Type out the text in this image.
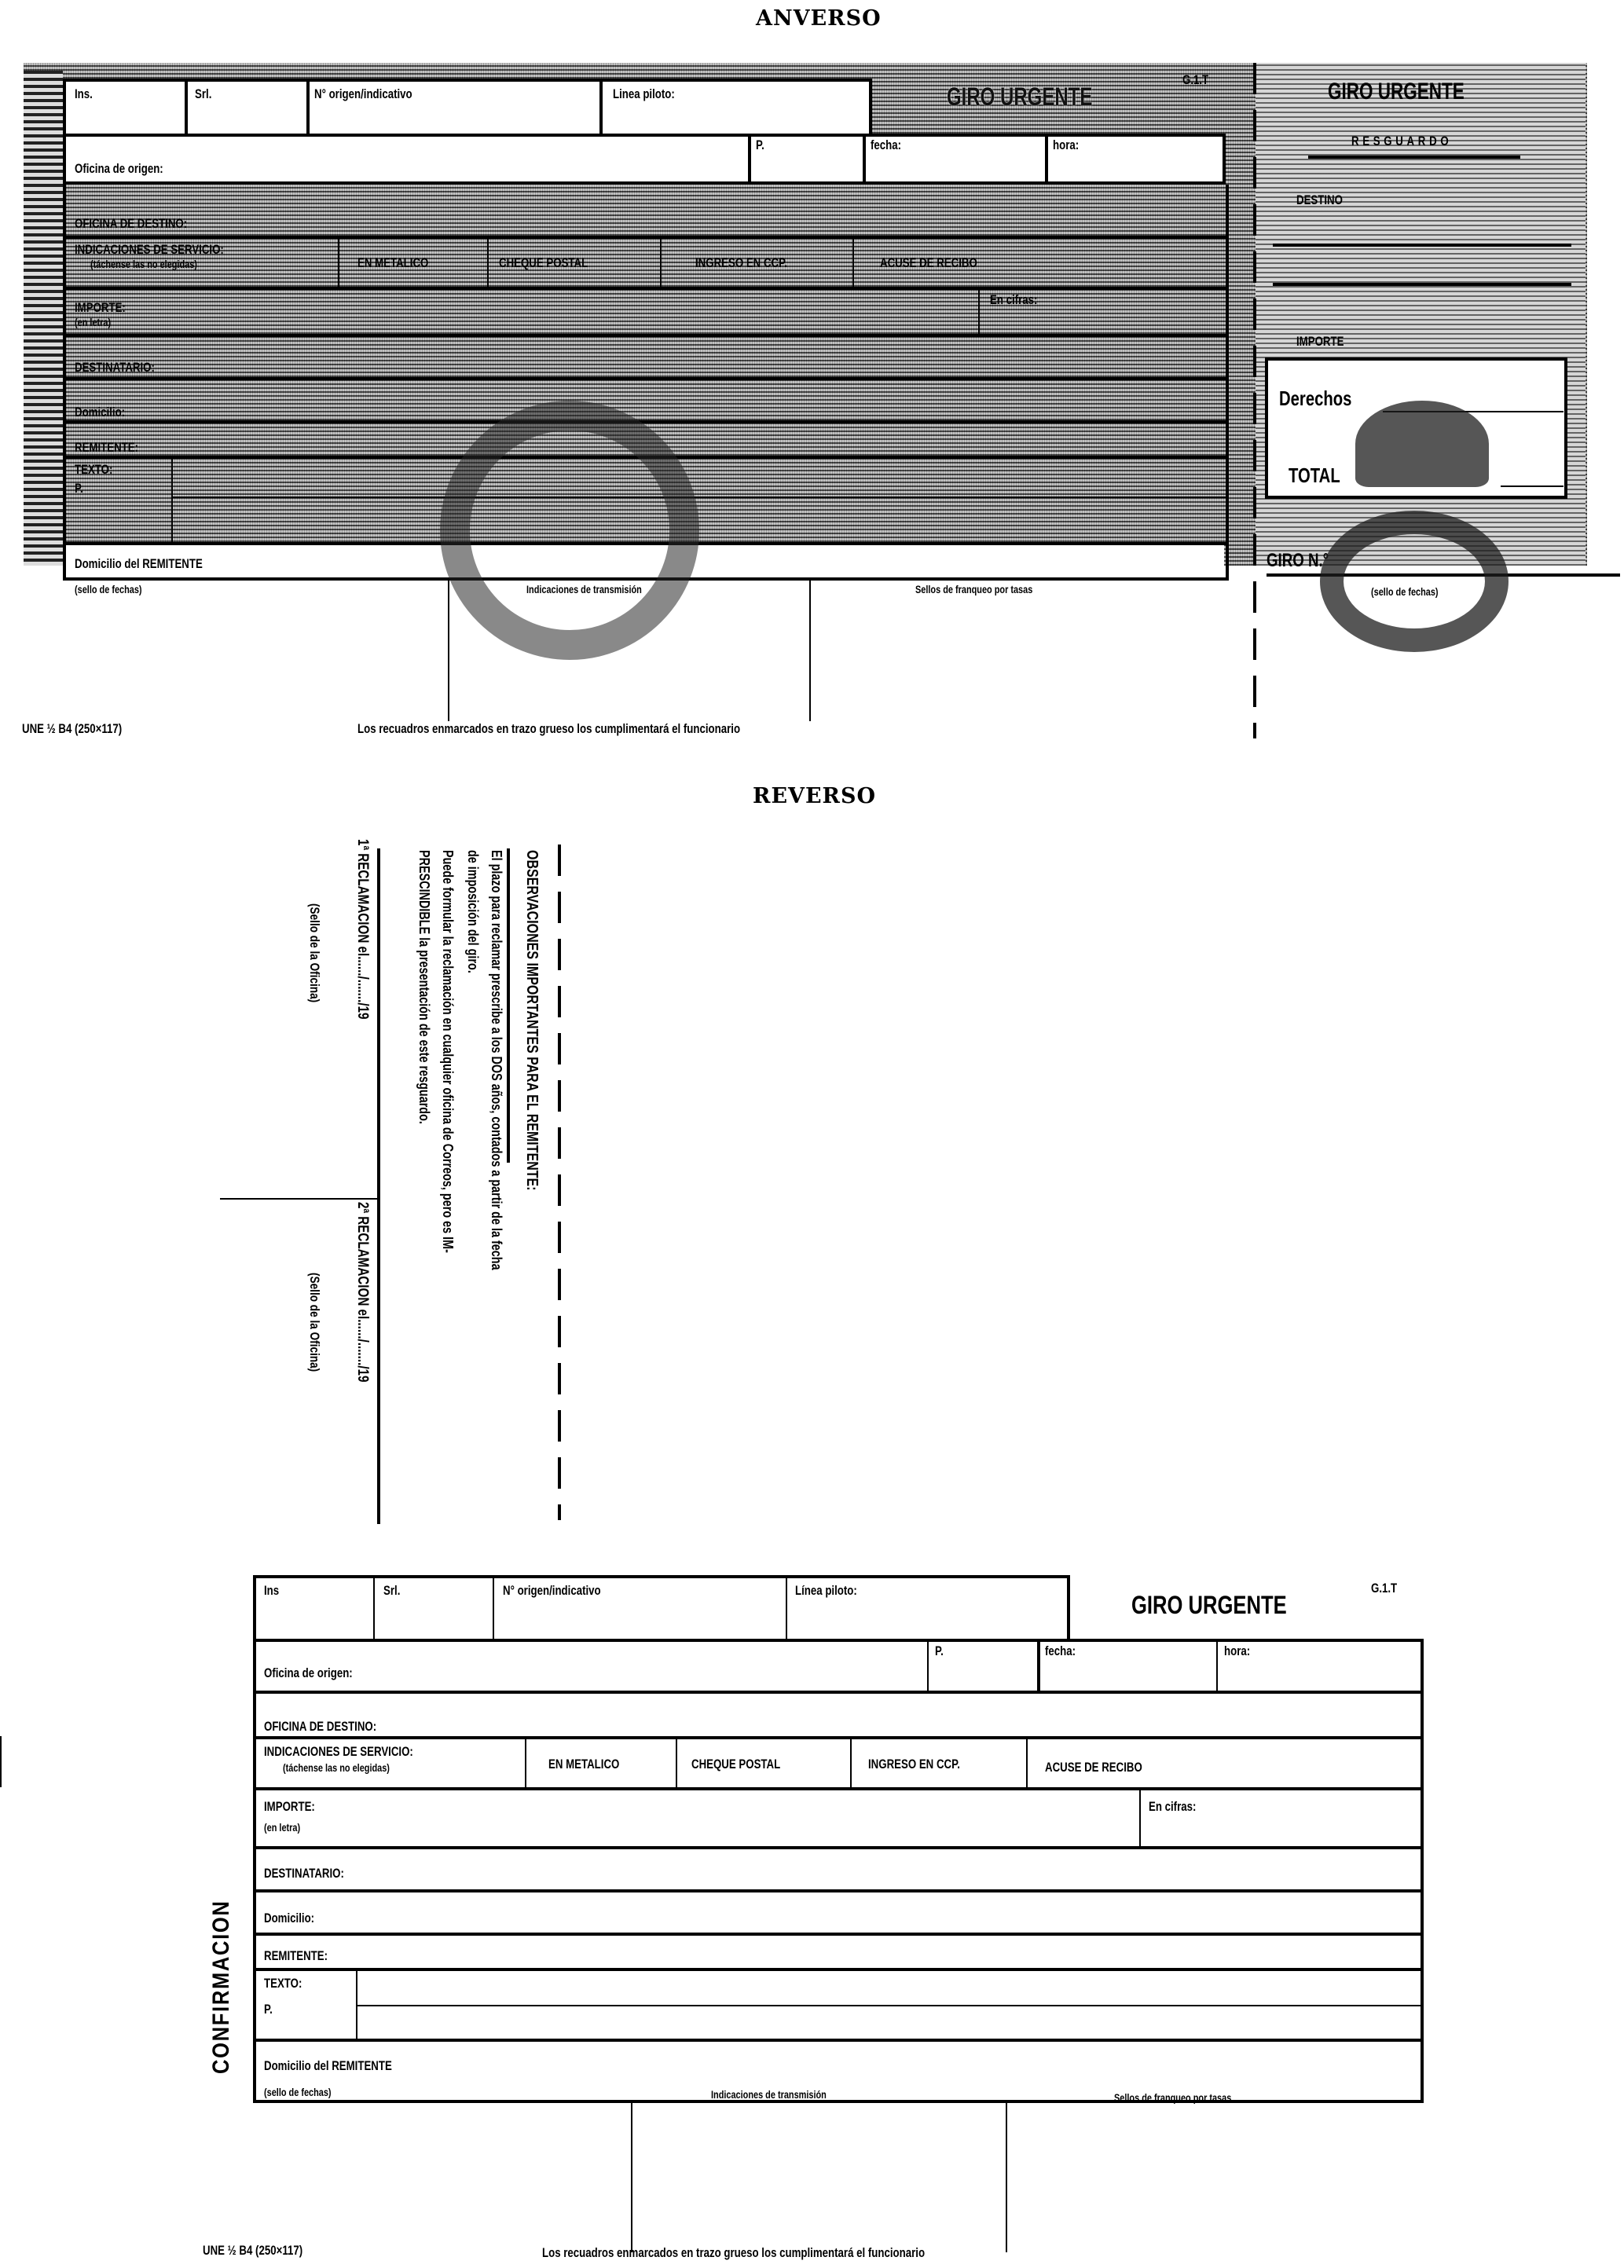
ANVERSO
Ins.	Srl.	N° origen/indicativo	Linea piloto:	GIRO URGENTE
G.1.T
Oficina de origen:
P.	fecha:	hora:
OFICINA DE DESTINO:
INDICACIONES DE SERVICIO:
(táchense las no elegidas)	EN METALICO	CHEQUE POSTAL	INGRESO EN CCP.	ACUSE DE RECIBO
IMPORTE:
(en letra)
En cifras:
DESTINATARIO:
Domicilio:
REMITENTE:
TEXTO:
P.
Domicilio del REMITENTE
(sello de fechas)	Indicaciones de transmisión	Sellos de franqueo por tasas
UNE ½ B4 (250×117)	Los recuadros enmarcados en trazo grueso los cumplimentará el funcionario
GIRO URGENTE
RESGUARDO
DESTINO
IMPORTE
Derechos
TOTAL
GIRO N.°
(sello de fechas)
REVERSO
OBSERVACIONES IMPORTANTES PARA EL REMITENTE:
El plazo para reclamar prescribe a los DOS años, contados a partir de la fecha
de imposición del giro.
Puede formular la reclamación en cualquier oficina de Correos, pero es IM-
PRESCINDIBLE la presentación de este resguardo.
1ª RECLAMACION el....../......./19
(Sello de la Oficina)
2ª RECLAMACION el....../......./19
(Sello de la Oficina)
CONFIRMACION
Ins	Srl.	N° origen/indicativo	Línea piloto:
GIRO URGENTE
G.1.T
Oficina de origen:
P.	fecha:	hora:
OFICINA DE DESTINO:
INDICACIONES DE SERVICIO:
(táchense las no elegidas)	EN METALICO	CHEQUE POSTAL	INGRESO EN CCP.	ACUSE DE RECIBO
IMPORTE:
(en letra)
En cifras:
DESTINATARIO:
Domicilio:
REMITENTE:
TEXTO:
P.
Domicilio del REMITENTE
(sello de fechas)	Indicaciones de transmisión	Sellos de franqueo por tasas
UNE ½ B4 (250×117)	Los recuadros enmarcados en trazo grueso los cumplimentará el funcionario
